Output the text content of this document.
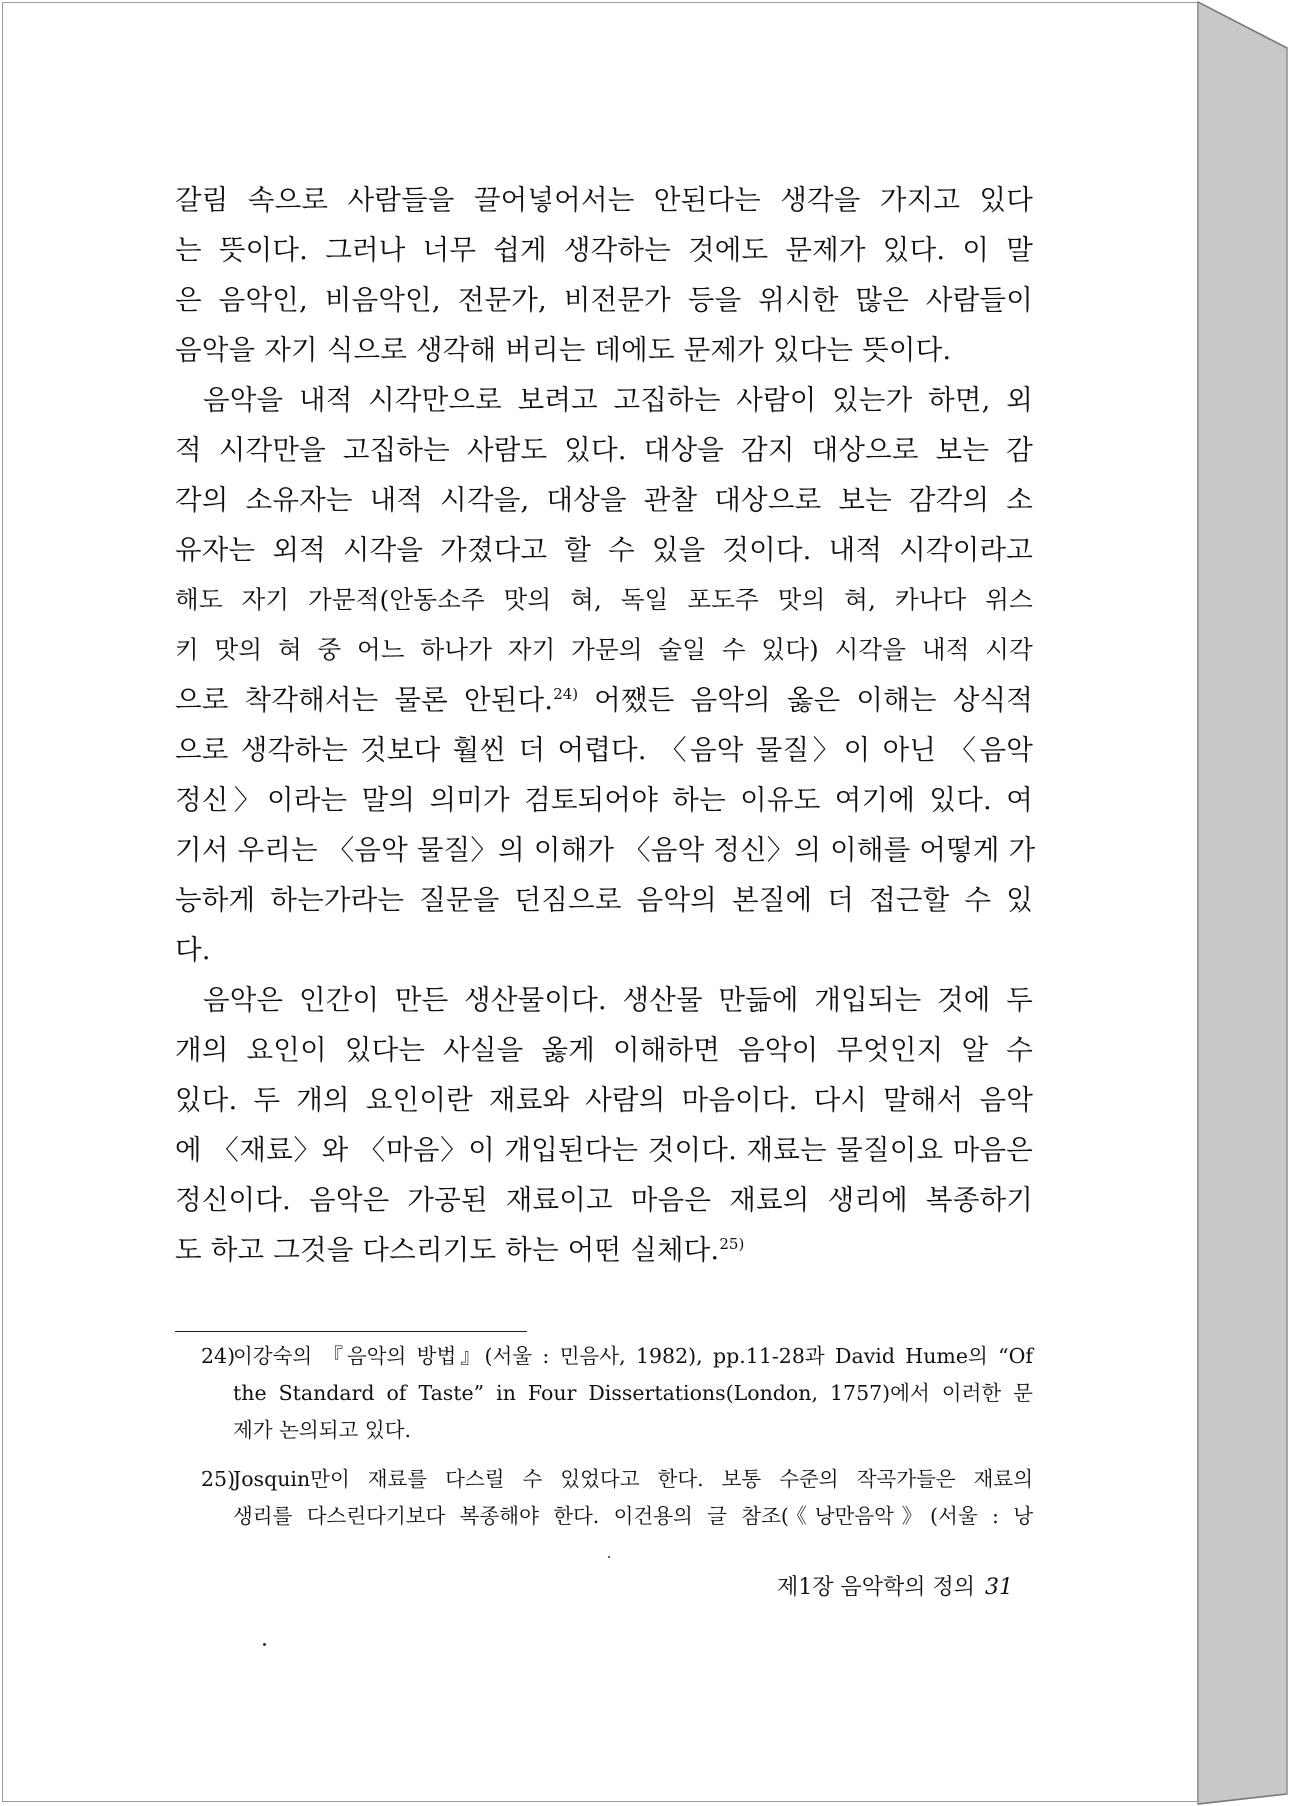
갈림 속으로 사람들을 끌어넣어서는 안된다는 생각을 가지고 있다
는 뜻이다. 그러나 너무 쉽게 생각하는 것에도 문제가 있다. 이 말
은 음악인, 비음악인, 전문가, 비전문가 등을 위시한 많은 사람들이
음악을 자기 식으로 생각해 버리는 데에도 문제가 있다는 뜻이다.
음악을 내적 시각만으로 보려고 고집하는 사람이 있는가 하면, 외
적 시각만을 고집하는 사람도 있다. 대상을 감지 대상으로 보는 감
각의 소유자는 내적 시각을, 대상을 관찰 대상으로 보는 감각의 소
유자는 외적 시각을 가졌다고 할 수 있을 것이다. 내적 시각이라고
해도 자기 가문적(안동소주 맛의 혀, 독일 포도주 맛의 혀, 카나다 위스
키 맛의 혀 중 어느 하나가 자기 가문의 술일 수 있다) 시각을 내적 시각
으로 착각해서는 물론 안된다.$^{24)}$ 어쨌든 음악의 옳은 이해는 상식적
으로 생각하는 것보다 훨씬 더 어렵다. 〈음악 물질〉이 아닌 〈음악
정신〉이라는 말의 의미가 검토되어야 하는 이유도 여기에 있다. 여
기서 우리는 〈음악 물질〉의 이해가 〈음악 정신〉의 이해를 어떻게 가
능하게 하는가라는 질문을 던짐으로 음악의 본질에 더 접근할 수 있
다.
음악은 인간이 만든 생산물이다. 생산물 만듦에 개입되는 것에 두
개의 요인이 있다는 사실을 옳게 이해하면 음악이 무엇인지 알 수
있다. 두 개의 요인이란 재료와 사람의 마음이다. 다시 말해서 음악
에 〈재료〉와 〈마음〉이 개입된다는 것이다. 재료는 물질이요 마음은
정신이다. 음악은 가공된 재료이고 마음은 재료의 생리에 복종하기
도 하고 그것을 다스리기도 하는 어떤 실체다.$^{25)}$
24)
이강숙의 『음악의 방법』(서울 : 민음사, 1982), pp.11-28과 David Hume의 “Of
the Standard of Taste” in Four Dissertations(London, 1757)에서 이러한 문
제가 논의되고 있다.
25)
Josquin만이 재료를 다스릴 수 있었다고 한다. 보통 수준의 작곡가들은 재료의
생리를 다스린다기보다 복종해야 한다. 이건용의 글 참조(《낭만음악》(서울 : 낭
제1장 음악학의 정의 31
